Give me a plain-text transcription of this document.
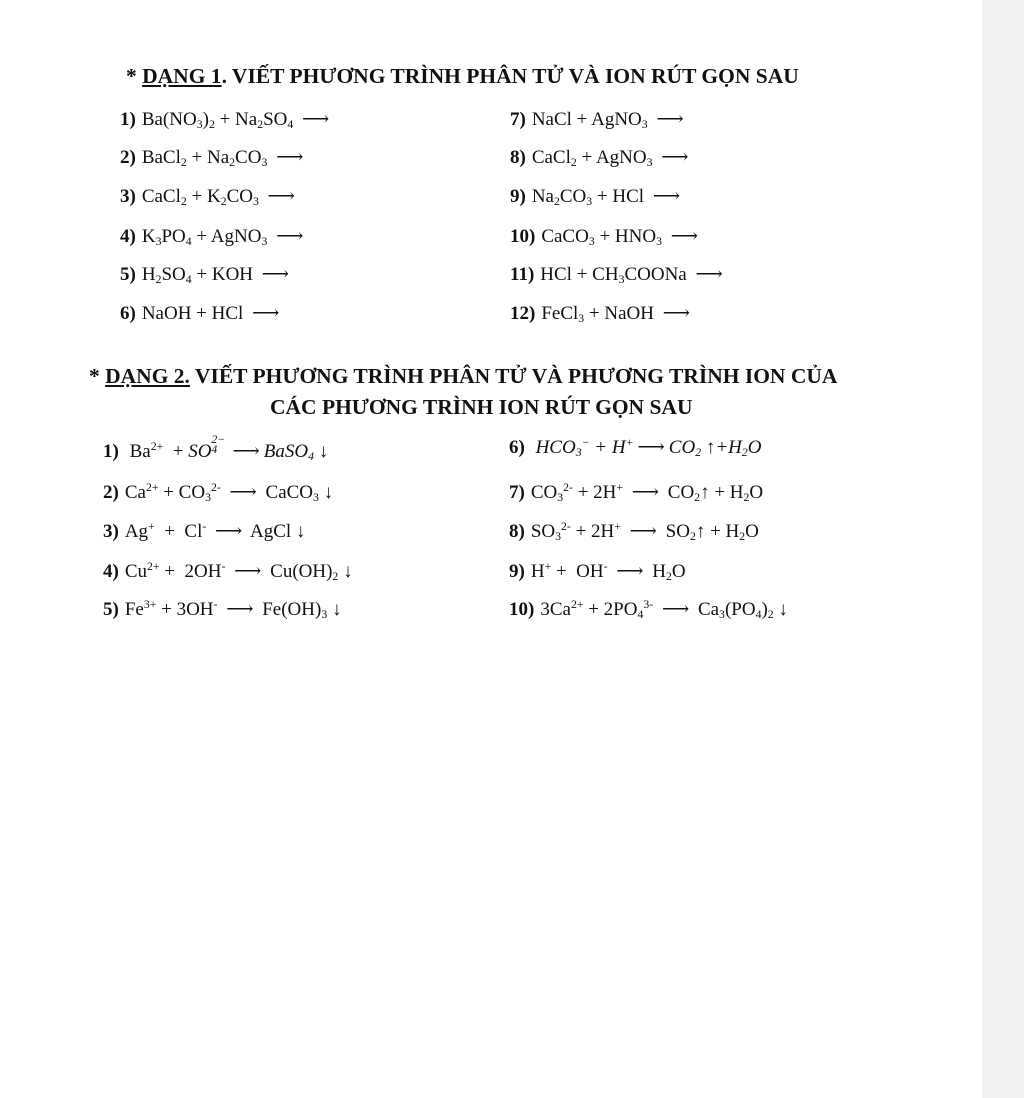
* DẠNG 1. VIẾT PHƯƠNG TRÌNH PHÂN TỬ VÀ ION RÚT GỌN SAU
1) $Ba(NO_3)_2 + Na_2SO_4$ ⟶
2) BaCl$_2$ + $Na_2CO_3$ ⟶
3) CaCl$_2$ + $K_2CO_3$ ⟶
4) $K_3PO_4$ + AgNO$_3$ ⟶
5) $H_2SO_4$ + KOH ⟶
6) NaOH + HCl ⟶
7) NaCl + AgNO$_3$ ⟶
8) CaCl$_2$ + AgNO$_3$ ⟶
9) $Na_2CO_3$ + HCl ⟶
10) CaCO$_3$ + $HNO_3$ ⟶
11) HCl + $CH_3COONa$ ⟶
12) FeCl$_3$ + NaOH ⟶
* DẠNG 2. VIẾT PHƯƠNG TRÌNH PHÂN TỬ VÀ PHƯƠNG TRÌNH ION CỦA
CÁC PHƯƠNG TRÌNH ION RÚT GỌN SAU
1) $Ba^{2+}$  + SO
2−
4 ⟶ BaSO$_4$ ↓
2) $Ca^{2+} + CO_3^{2-}$ ⟶ CaCO$_3$ ↓
3) Ag+  +  Cl- ⟶ AgCl ↓
4) $Cu^{2+} + 2OH^-$ ⟶ $Cu(OH)_2$ ↓
5) $Fe^{3+} + 3OH^-$ ⟶ $Fe(OH)_3$ ↓
6) $HCO_3^- + H^+$ ⟶ $CO_2$ $↑+H_2O$
7) $CO_3^{2-} + 2H^+$ ⟶ $CO_2↑ + H_2O$
8) $SO_3^{2-} + 2H^+$ ⟶ $SO_2↑ + H_2O$
9) H+ +  OH- ⟶ $H_2O$
10) $3Ca^{2+} + 2PO_4^{3-}$ ⟶ $Ca_3(PO_4)_2$ ↓
